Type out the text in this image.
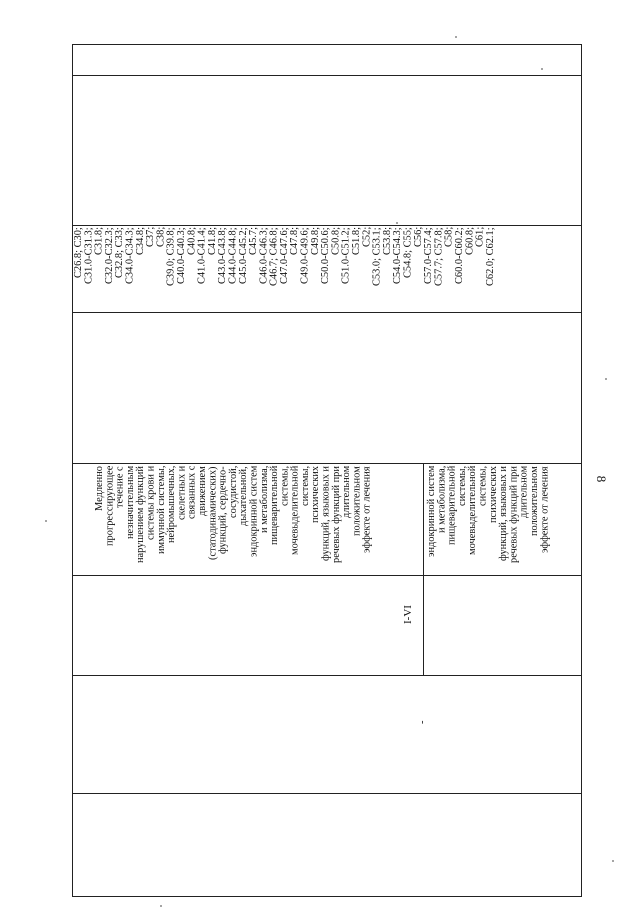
8
C26.8; C30;
C31.0-C31.3;
C31.8;
C32.0-C32.3;
C32.8; C33;
C34.0-C34.3;
C34.8;
C37;
C38;
C39.0; C39.8;
C40.0-C40.3;
C40.8;
C41.0-C41.4;
C41.8;
C43.0-C43.8;
C44.0-C44.8;
C45.0-C45.2;
C45.7;
C46.0-C46.3;
C46.7; C46.8;
C47.0-C47.6;
C47.8;
C49.0-C49.6;
C49.8;
C50.0-C50.6;
C50.8;
C51.0-C51.2;
C51.8;
C52;
C53.0; C53.1;
C53.8;
C54.0-C54.3;
C54.8; C55;
C56;
C57.0-C57.4;
C57.7; C57.8;
C58;
C60.0-C60.2;
C60.8;
C61;
C62.0; C62.1;
эндокринной систем
и метаболизма,
пищеварительной
системы,
мочевыделительной
системы,
психических
функций, языковых и
речевых функций при
длительном
положительном
эффекте от лечения
Медленно
прогрессирующее
течение с
незначительным
нарушением функций
системы крови и
иммунной системы,
нейромышечных,
скелетных и
связанных с
движением
(статодинамических)
функций, сердечно-
сосудистой,
дыхательной,
эндокринной систем
и метаболизма,
пищеварительной
системы,
мочевыделительной
системы,
психических
функций, языковых и
речевых функций при
длительном
положительном
эффекте от лечения
I-VI
-
